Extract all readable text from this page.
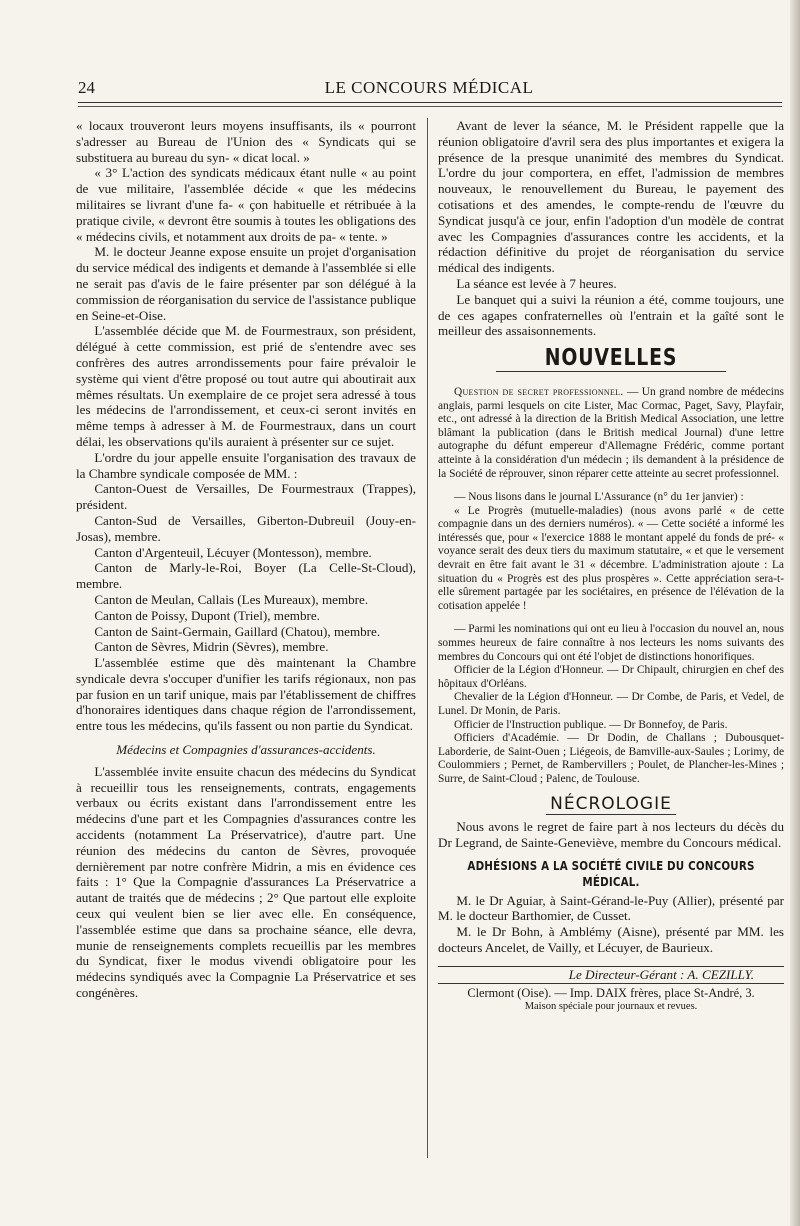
24	LE CONCOURS MÉDICAL

« locaux trouveront leurs moyens insuffisants, ils « pourront s'adresser au Bureau de l'Union des « Syndicats qui se substituera au bureau du syn- « dicat local. »

« 3° L'action des syndicats médicaux étant nulle « au point de vue militaire, l'assemblée décide « que les médecins militaires se livrant d'une fa- « çon habituelle et rétribuée à la pratique civile, « devront être soumis à toutes les obligations des « médecins civils, et notamment aux droits de pa- « tente. »

M. le docteur Jeanne expose ensuite un projet d'organisation du service médical des indigents et demande à l'assemblée si elle ne serait pas d'avis de le faire présenter par son délégué à la commission de réorganisation du service de l'assistance publique en Seine-et-Oise.

L'assemblée décide que M. de Fourmestraux, son président, délégué à cette commission, est prié de s'entendre avec ses confrères des autres arrondissements pour faire prévaloir le système qui vient d'être proposé ou tout autre qui aboutirait aux mêmes résultats. Un exemplaire de ce projet sera adressé à tous les médecins de l'arrondissement, et ceux-ci seront invités en même temps à adresser à M. de Fourmestraux, dans un court délai, les observations qu'ils auraient à présenter sur ce sujet.

L'ordre du jour appelle ensuite l'organisation des travaux de la Chambre syndicale composée de MM. :

Canton-Ouest de Versailles, De Fourmestraux (Trappes), président.

Canton-Sud de Versailles, Giberton-Dubreuil (Jouy-en-Josas), membre.

Canton d'Argenteuil, Lécuyer (Montesson), membre.

Canton de Marly-le-Roi, Boyer (La Celle-St-Cloud), membre.

Canton de Meulan, Callais (Les Mureaux), membre.

Canton de Poissy, Dupont (Triel), membre.

Canton de Saint-Germain, Gaillard (Chatou), membre.

Canton de Sèvres, Midrin (Sèvres), membre.

L'assemblée estime que dès maintenant la Chambre syndicale devra s'occuper d'unifier les tarifs régionaux, non pas par fusion en un tarif unique, mais par l'établissement de chiffres d'honoraires identiques dans chaque région de l'arrondissement, entre tous les médecins, qu'ils fassent ou non partie du Syndicat.

Médecins et Compagnies d'assurances-accidents.

L'assemblée invite ensuite chacun des médecins du Syndicat à recueillir tous les renseignements, contrats, engagements verbaux ou écrits existant dans l'arrondissement entre les médecins d'une part et les Compagnies d'assurances contre les accidents (notamment La Préservatrice), d'autre part. Une réunion des médecins du canton de Sèvres, provoquée dernièrement par notre confrère Midrin, a mis en évidence ces faits : 1° Que la Compagnie d'assurances La Préservatrice a autant de traités que de médecins ; 2° Que partout elle exploite ceux qui veulent bien se lier avec elle. En conséquence, l'assemblée estime que dans sa prochaine séance, elle devra, munie de renseignements complets recueillis par les membres du Syndicat, fixer le modus vivendi obligatoire pour les médecins syndiqués avec la Compagnie La Préservatrice et ses congénères.

Avant de lever la séance, M. le Président rappelle que la réunion obligatoire d'avril sera des plus importantes et exigera la présence de la presque unanimité des membres du Syndicat. L'ordre du jour comportera, en effet, l'admission de membres nouveaux, le renouvellement du Bureau, le payement des cotisations et des amendes, le compte-rendu de l'œuvre du Syndicat jusqu'à ce jour, enfin l'adoption d'un modèle de contrat avec les Compagnies d'assurances contre les accidents, et la rédaction définitive du projet de réorganisation du service médical des indigents.

La séance est levée à 7 heures.

Le banquet qui a suivi la réunion a été, comme toujours, une de ces agapes confraternelles où l'entrain et la gaîté sont le meilleur des assaisonnements.

NOUVELLES

Question de secret professionnel. — Un grand nombre de médecins anglais, parmi lesquels on cite Lister, Mac Cormac, Paget, Savy, Playfair, etc., ont adressé à la direction de la British Medical Association, une lettre blâmant la publication (dans le British medical Journal) d'une lettre autographe du défunt empereur d'Allemagne Frédéric, comme portant atteinte à la considération d'un médecin ; ils demandent à la présidence de la Société de réprouver, sinon réparer cette atteinte au secret professionnel.

— Nous lisons dans le journal L'Assurance (n° du 1er janvier) :

« Le Progrès (mutuelle-maladies) (nous avons parlé « de cette compagnie dans un des derniers numéros). « — Cette société a informé les intéressés que, pour « l'exercice 1888 le montant appelé du fonds de pré- « voyance serait des deux tiers du maximum statutaire, « et que le versement devrait en être fait avant le 31 « décembre. L'administration ajoute : La situation du « Progrès est des plus prospères ». Cette appréciation sera-t-elle sûrement partagée par les sociétaires, en présence de l'élévation de la cotisation appelée !

— Parmi les nominations qui ont eu lieu à l'occasion du nouvel an, nous sommes heureux de faire connaître à nos lecteurs les noms suivants des membres du Concours qui ont été l'objet de distinctions honorifiques.

Officier de la Légion d'Honneur. — Dr Chipault, chirurgien en chef des hôpitaux d'Orléans.

Chevalier de la Légion d'Honneur. — Dr Combe, de Paris, et Vedel, de Lunel. Dr Monin, de Paris.

Officier de l'Instruction publique. — Dr Bonnefoy, de Paris.

Officiers d'Académie. — Dr Dodin, de Challans ; Dubousquet-Laborderie, de Saint-Ouen ; Liégeois, de Bamville-aux-Saules ; Lorimy, de Coulommiers ; Pernet, de Rambervillers ; Poulet, de Plancher-les-Mines ; Surre, de Saint-Cloud ; Palenc, de Toulouse.

NÉCROLOGIE

Nous avons le regret de faire part à nos lecteurs du décès du Dr Legrand, de Sainte-Geneviève, membre du Concours médical.

ADHÉSIONS A LA SOCIÉTÉ CIVILE DU CONCOURS MÉDICAL.

M. le Dr Aguiar, à Saint-Gérand-le-Puy (Allier), présenté par M. le docteur Barthomier, de Cusset.

M. le Dr Bohn, à Amblémy (Aisne), présenté par MM. les docteurs Ancelet, de Vailly, et Lécuyer, de Baurieux.

Le Directeur-Gérant : A. CEZILLY.

Clermont (Oise). — Imp. DAIX frères, place St-André, 3.
Maison spéciale pour journaux et revues.
